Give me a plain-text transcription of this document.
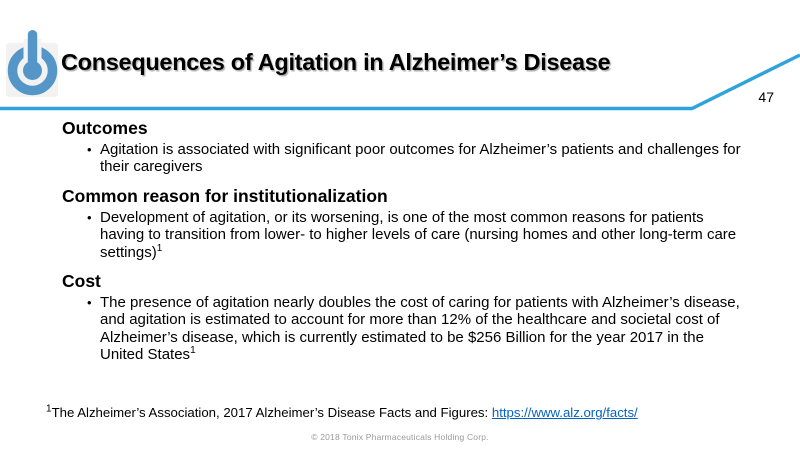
Consequences of Agitation in Alzheimer’s Disease
47
Outcomes
• Agitation is associated with significant poor outcomes for Alzheimer’s patients and challenges for their caregivers
Common reason for institutionalization
• Development of agitation, or its worsening, is one of the most common reasons for patients having to transition from lower- to higher levels of care (nursing homes and other long-term care settings)$^1$
Cost
• The presence of agitation nearly doubles the cost of caring for patients with Alzheimer’s disease, and agitation is estimated to account for more than 12% of the healthcare and societal cost of Alzheimer’s disease, which is currently estimated to be $256 Billion for the year 2017 in the United States$^1$
$^1$The Alzheimer’s Association, 2017 Alzheimer’s Disease Facts and Figures: https://www.alz.org/facts/
© 2018 Tonix Pharmaceuticals Holding Corp.
